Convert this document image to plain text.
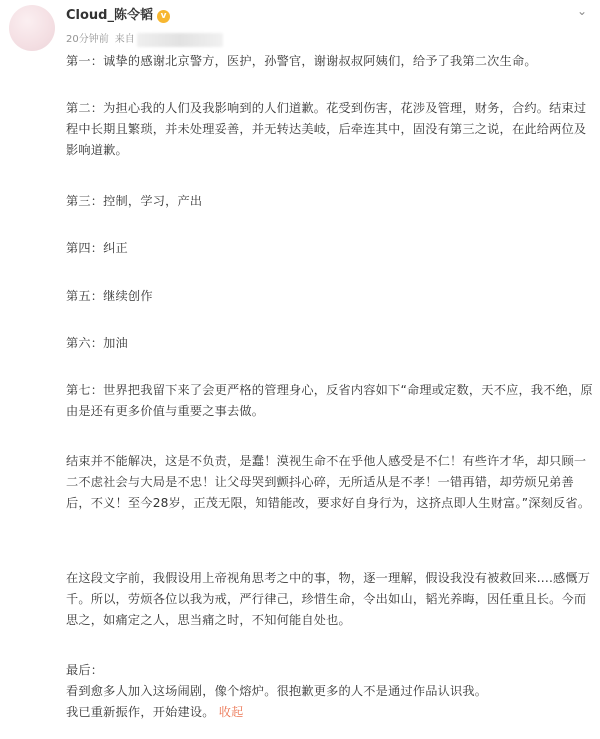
Cloud_陈令韬 v
20分钟前 来自
⌄
第一：诚挚的感谢北京警方，医护，孙警官，谢谢叔叔阿姨们，给予了我第二次生命。
第二：为担心我的人们及我影响到的人们道歉。花受到伤害，花涉及管理，财务，合约。结束过程中长期且繁琐，并未处理妥善，并无转达美岐，后牵连其中，固没有第三之说，在此给两位及影响道歉。
第三：控制，学习，产出
第四：纠正
第五：继续创作
第六：加油
第七：世界把我留下来了会更严格的管理身心，反省内容如下“命理或定数，天不应，我不绝，原由是还有更多价值与重要之事去做。
结束并不能解决，这是不负责，是蠢！漠视生命不在乎他人感受是不仁！有些许才华，却只顾一二不虑社会与大局是不忠！让父母哭到颤抖心碎，无所适从是不孝！一错再错，却劳烦兄弟善后，不义！至今28岁，正茂无限，知错能改，要求好自身行为，这挤点即人生财富。”深刻反省。
在这段文字前，我假设用上帝视角思考之中的事，物，逐一理解，假设我没有被救回来....感慨万千。所以，劳烦各位以我为戒，严行律己，珍惜生命，令出如山，韬光养晦，因任重且长。今而思之，如痛定之人，思当痛之时，不知何能自处也。
最后：
看到愈多人加入这场闹剧，像个熔炉。很抱歉更多的人不是通过作品认识我。
我已重新振作，开始建设。 收起
